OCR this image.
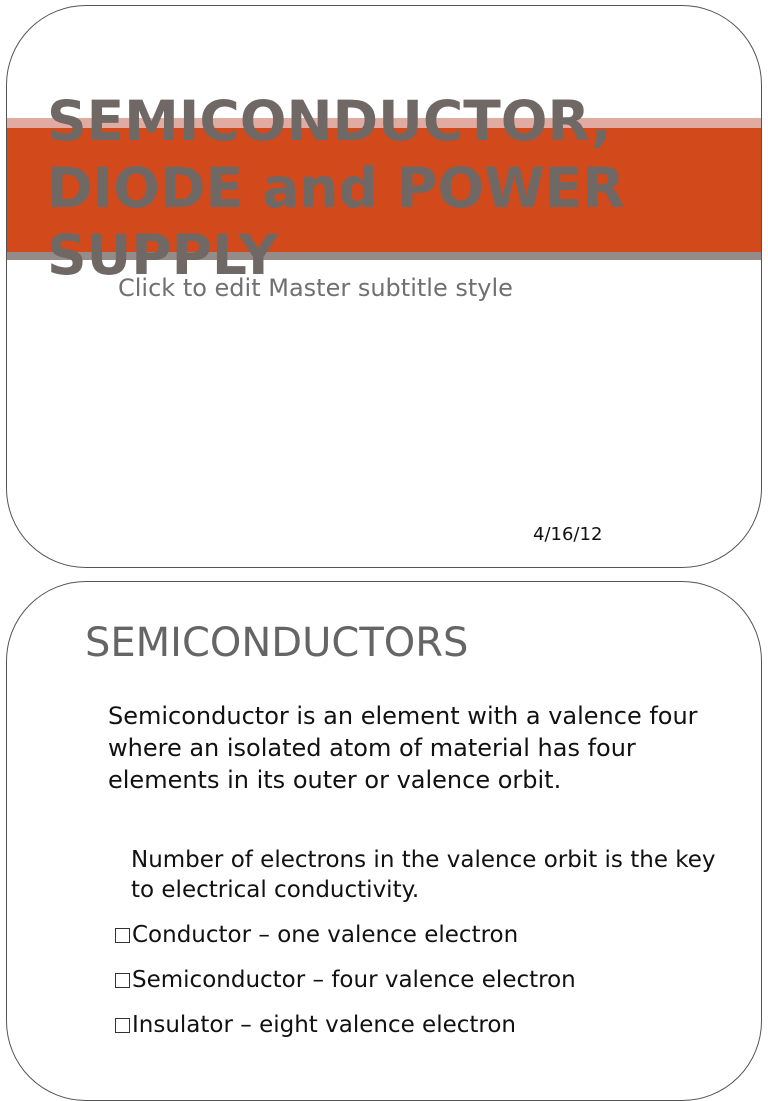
SEMICONDUCTOR, DIODE and POWER SUPPLY
Click to edit Master subtitle style
4/16/12
SEMICONDUCTORS
Semiconductor is an element with a valence four where an isolated atom of material has four elements in its outer or valence orbit.
Number of electrons in the valence orbit is the key to electrical conductivity.
Conductor – one valence electron
Semiconductor – four valence electron
Insulator – eight valence electron
